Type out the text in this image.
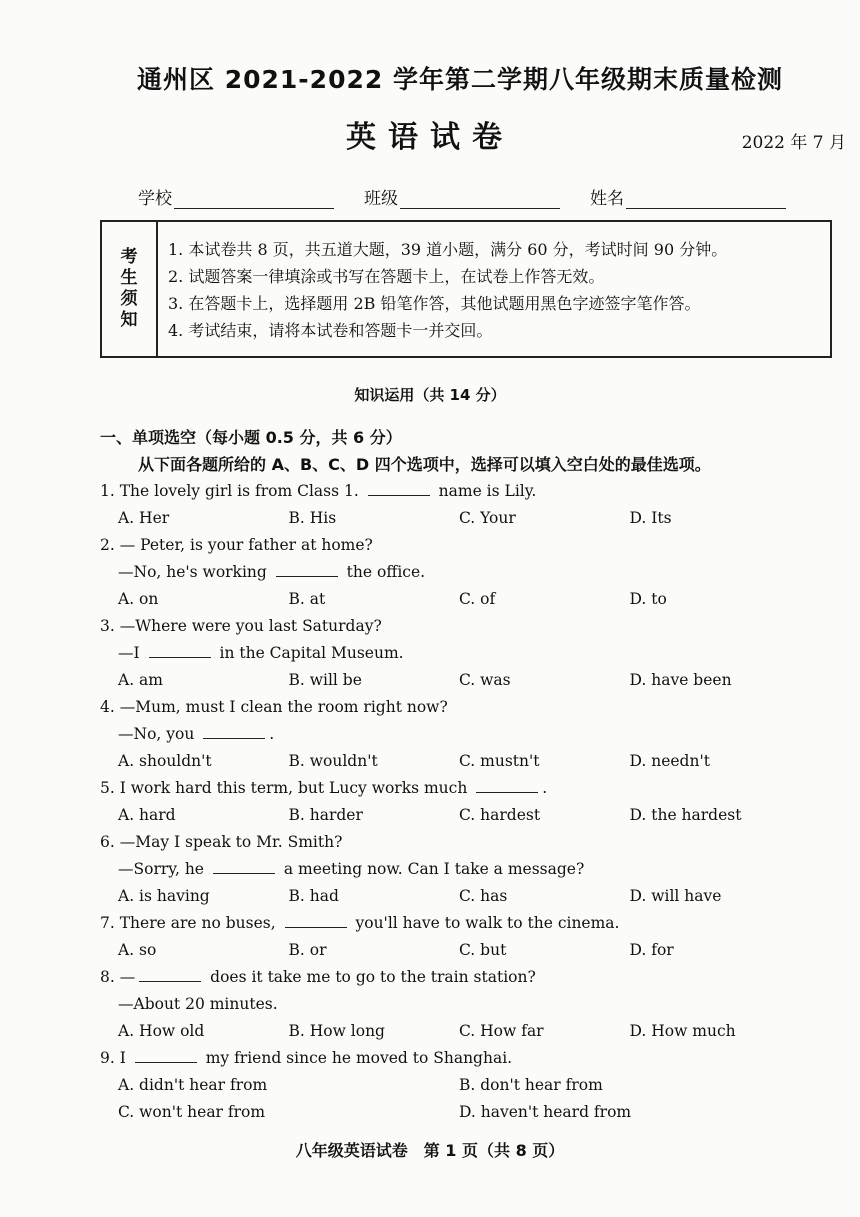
通州区 2021-2022 学年第二学期八年级期末质量检测
英语试卷	2022 年 7 月
学校	班级	姓名
考
生
须
知
1. 本试卷共 8 页，共五道大题，39 道小题，满分 60 分，考试时间 90 分钟。
2. 试题答案一律填涂或书写在答题卡上，在试卷上作答无效。
3. 在答题卡上，选择题用 2B 铅笔作答，其他试题用黑色字迹签字笔作答。
4. 考试结束，请将本试卷和答题卡一并交回。
知识运用（共 14 分）
一、单项选空（每小题 0.5 分，共 6 分）
从下面各题所给的 A、B、C、D 四个选项中，选择可以填入空白处的最佳选项。
1. The lovely girl is from Class 1.	name is Lily.
A. Her	B. His	C. Your	D. Its
2. — Peter, is your father at home?
—No, he's working	the office.
A. on	B. at	C. of	D. to
3. —Where were you last Saturday?
—I	in the Capital Museum.
A. am	B. will be	C. was	D. have been
4. —Mum, must I clean the room right now?
—No, you	.
A. shouldn't	B. wouldn't	C. mustn't	D. needn't
5. I work hard this term, but Lucy works much	.
A. hard	B. harder	C. hardest	D. the hardest
6. —May I speak to Mr. Smith?
—Sorry, he	a meeting now. Can I take a message?
A. is having	B. had	C. has	D. will have
7. There are no buses,	you'll have to walk to the cinema.
A. so	B. or	C. but	D. for
8. —	does it take me to go to the train station?
—About 20 minutes.
A. How old	B. How long	C. How far	D. How much
9. I	my friend since he moved to Shanghai.
A. didn't hear from	B. don't hear from
C. won't hear from	D. haven't heard from
八年级英语试卷　第 1 页（共 8 页）
